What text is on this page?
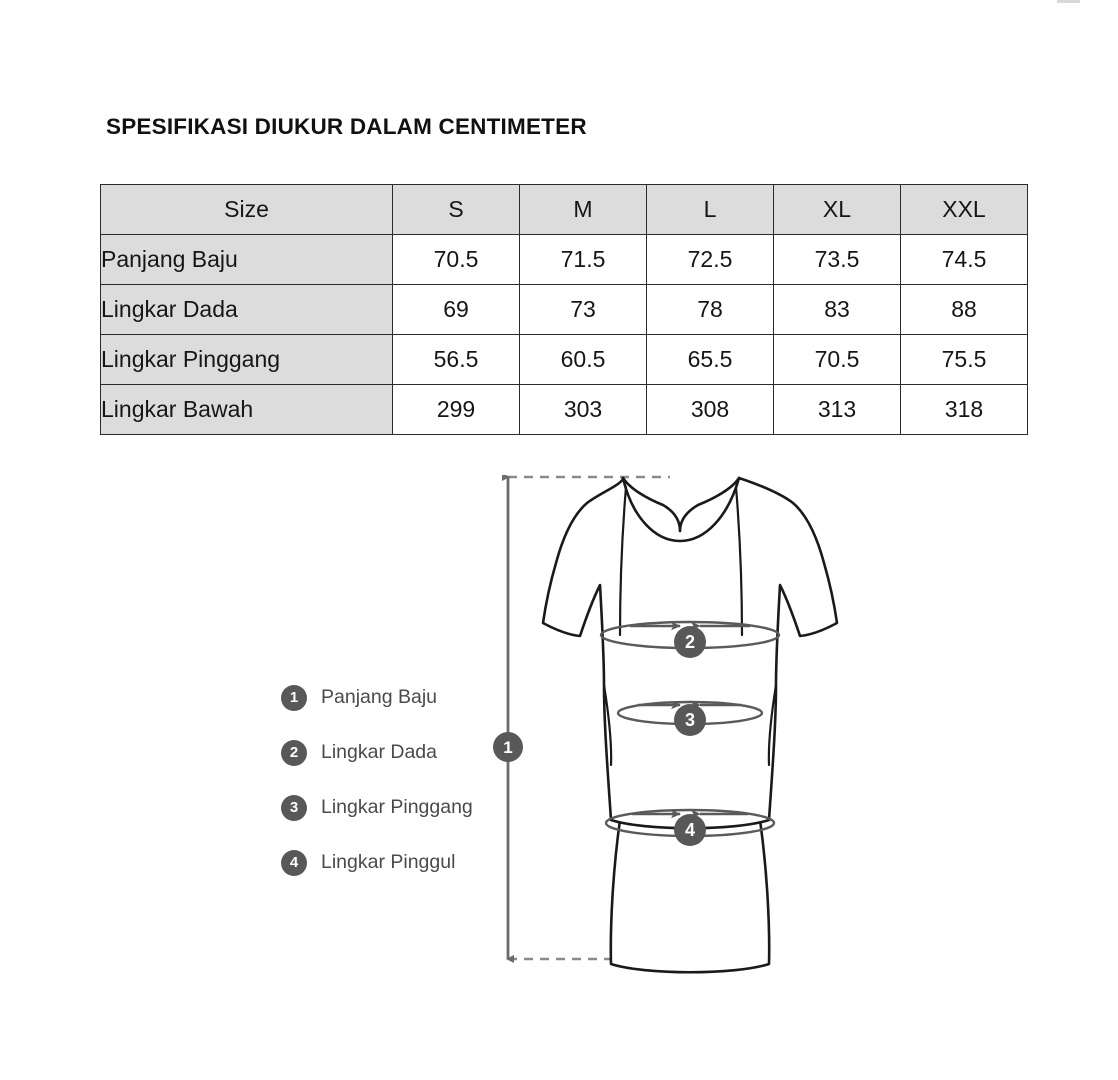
SPESIFIKASI DIUKUR DALAM CENTIMETER
Size	S	M	L	XL	XXL
Panjang Baju	70.5	71.5	72.5	73.5	74.5
Lingkar Dada	69	73	78	83	88
Lingkar Pinggang	56.5	60.5	65.5	70.5	75.5
Lingkar Bawah	299	303	308	313	318
1	Panjang Baju
2	Lingkar Dada
3	Lingkar Pinggang
4	Lingkar Pinggul
2
3
4
1
